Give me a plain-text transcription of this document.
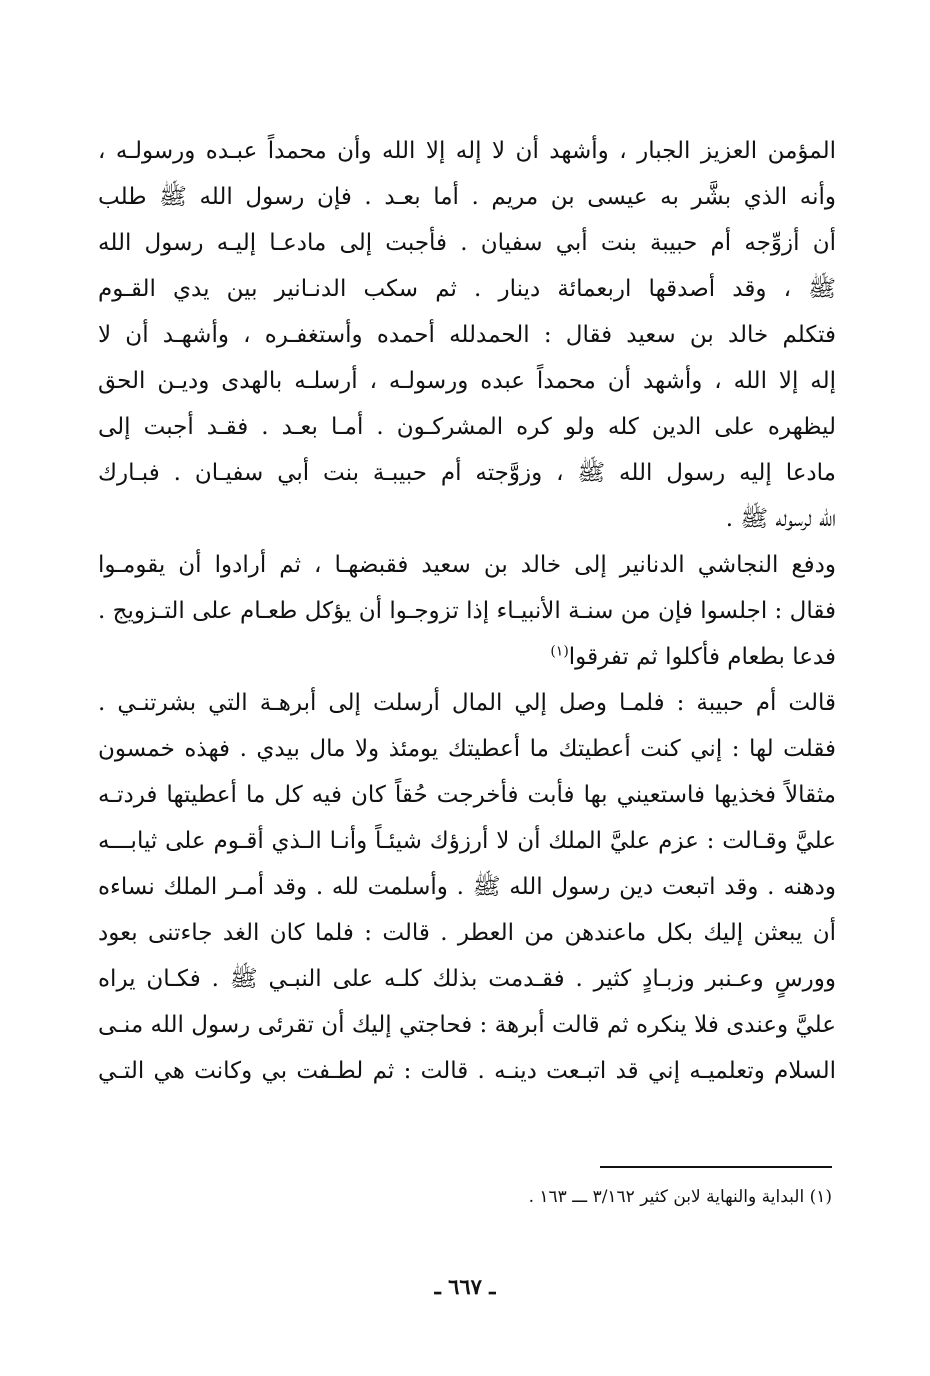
المؤمن العزيز الجبار ، وأشهد أن لا إله إلا الله وأن محمداً عبـده ورسولـه ،
وأنه الذي بشَّر به عيسى بن مريم . أما بعـد . فإن رسول الله ﷺ طلب
أن أزوِّجه أم حبيبة بنت أبي سفيان . فأجبت إلى مادعـا إليـه رسول الله
ﷺ ، وقد أصدقها اربعمائة دينار . ثم سكب الدنـانير بين يدي القـوم
فتكلم خالد بن سعيد فقال : الحمدلله أحمده وأستغفـره ، وأشهـد أن لا
إله إلا الله ، وأشهد أن محمداً عبده ورسولـه ، أرسلـه بالهدى وديـن الحق
ليظهره على الدين كله ولو كره المشركـون . أمـا بعـد . فقـد أجبت إلى
مادعا إليه رسول الله ﷺ ، وزوَّجته أم حبيبـة بنت أبي سفيـان . فبـارك
الله لرسوله ﷺ .
ودفع النجاشي الدنانير إلى خالد بن سعيد فقبضهـا ، ثم أرادوا أن يقومـوا
فقال : اجلسوا فإن من سنـة الأنبيـاء إذا تزوجـوا أن يؤكل طعـام على التـزويج .
فدعا بطعام فأكلوا ثم تفرقوا$^{(١)}$
قالت أم حبيبة : فلمـا وصل إلي المال أرسلت إلى أبرهـة التي بشرتنـي .
فقلت لها : إني كنت أعطيتك ما أعطيتك يومئذ ولا مال بيدي . فهذه خمسون
مثقالاً فخذيها فاستعيني بها فأبت فأخرجت حُقاً كان فيه كل ما أعطيتها فردتـه
عليَّ وقـالت : عزم عليَّ الملك أن لا أرزؤك شيئـاً وأنـا الـذي أقـوم على ثيابـــه
ودهنه . وقد اتبعت دين رسول الله ﷺ . وأسلمت لله . وقد أمـر الملك نساءه
أن يبعثن إليك بكل ماعندهن من العطر . قالت : فلما كان الغد جاءتنى بعود
وورسٍ وعـنبر وزبـادٍ كثير . فقـدمت بذلك كلـه على النبـي ﷺ . فكـان يراه
عليَّ وعندى فلا ينكره ثم قالت أبرهة : فحاجتي إليك أن تقرئى رسول الله منـى
السلام وتعلميـه إني قد اتبـعت دينـه . قالت : ثم لطـفت بي وكانت هي التـي
(١) البداية والنهاية لابن كثير ٣/١٦٢ ـــ ١٦٣ .
ـ ٦٦٧ ـ
